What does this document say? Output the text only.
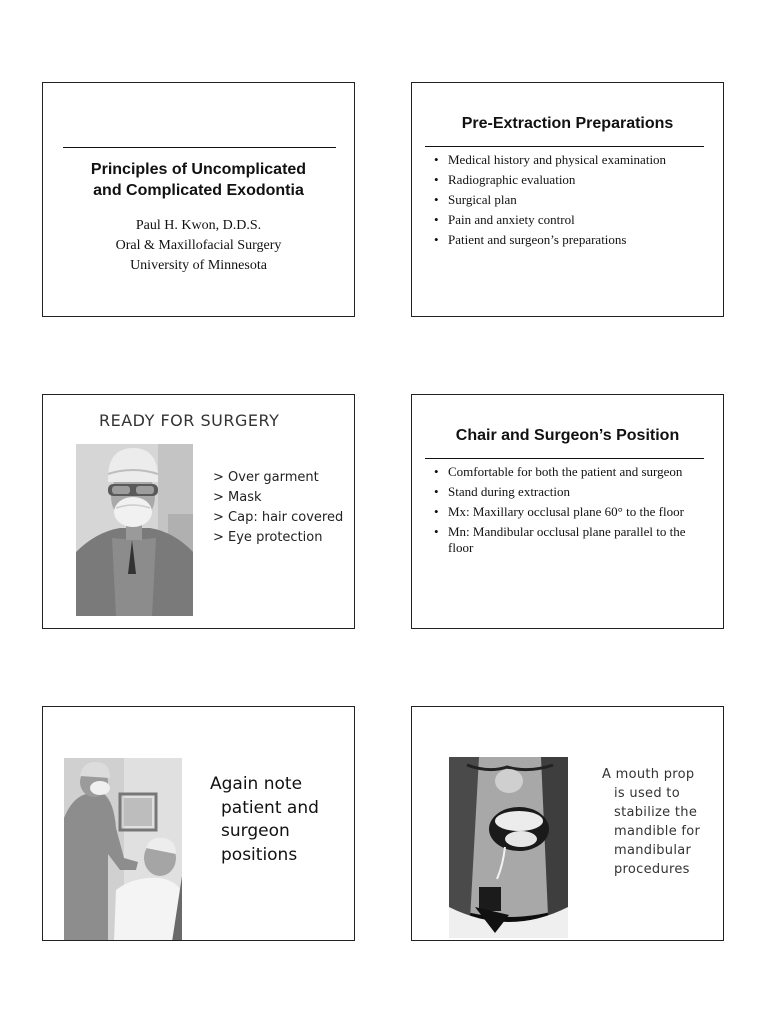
Principles of Uncomplicated
and Complicated Exodontia
Paul H. Kwon, D.D.S.
Oral & Maxillofacial Surgery
University of Minnesota
Pre-Extraction Preparations
• Medical history and physical examination
• Radiographic evaluation
• Surgical plan
• Pain and anxiety control
• Patient and surgeon’s preparations
READY FOR SURGERY
> Over garment
> Mask
> Cap: hair covered
> Eye protection
Chair and Surgeon’s Position
• Comfortable for both the patient and surgeon
• Stand during extraction
• Mx: Maxillary occlusal plane 60° to the floor
• Mn: Mandibular occlusal plane parallel to the floor
Again note
patient and
surgeon
positions
A mouth prop
is used to
stabilize the
mandible for
mandibular
procedures
